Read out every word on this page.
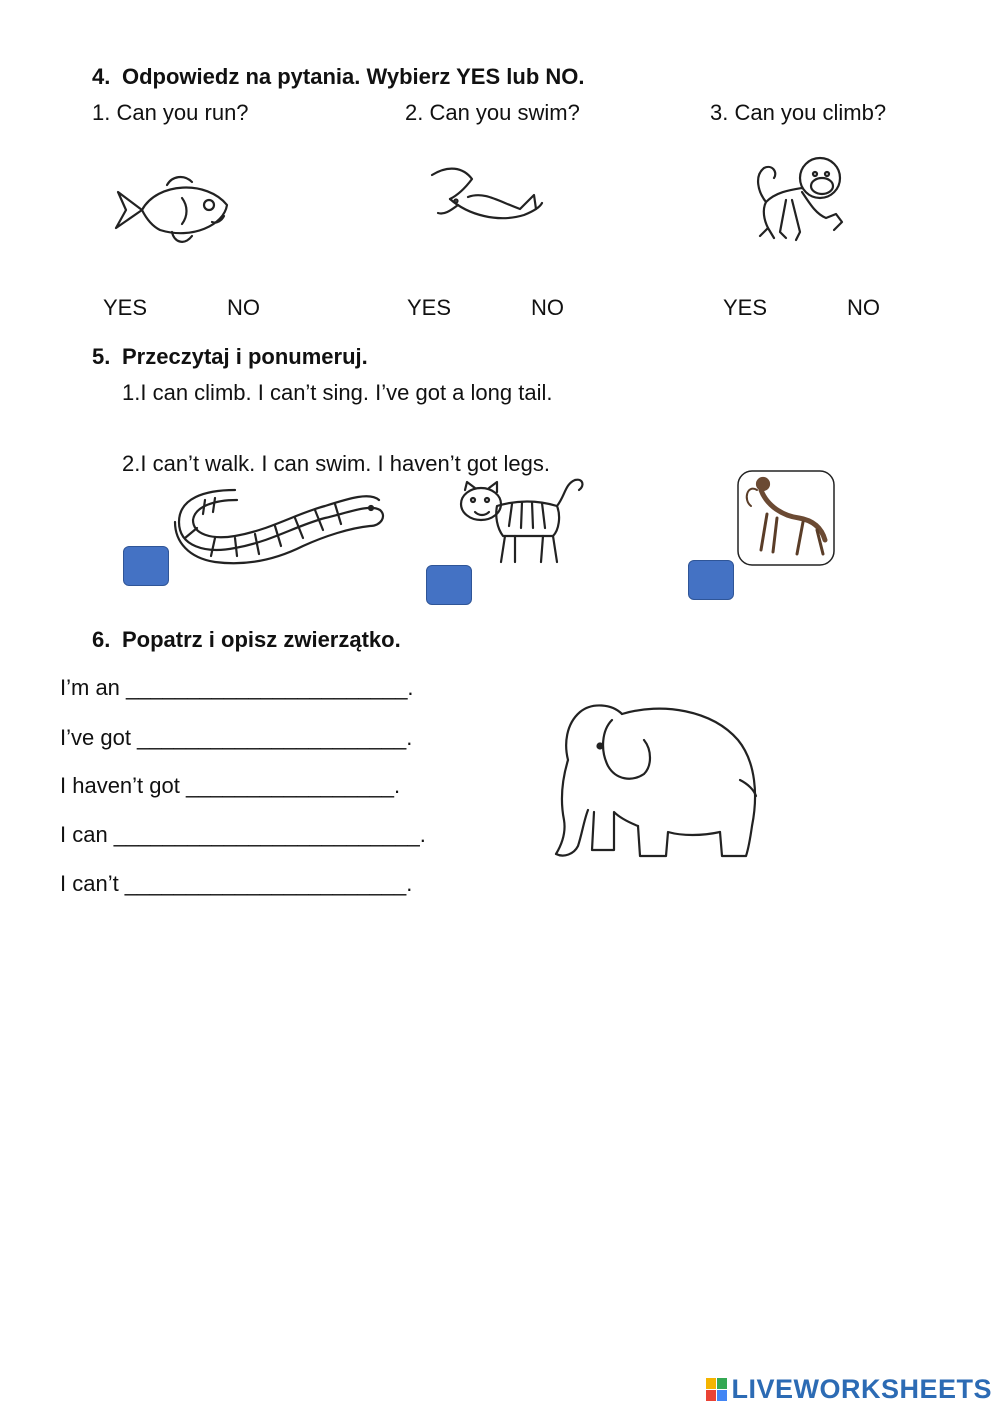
4. Odpowiedz na pytania. Wybierz YES lub NO.
1. Can you run?	2. Can you swim?	3. Can you climb?
YES	NO	YES	NO	YES	NO
5. Przeczytaj i ponumeruj.
1.I can climb. I can’t sing. I’ve got a long tail.
2.I can’t walk. I can swim. I haven’t got legs.
6. Popatrz i opisz zwierzątko.
I’m an _______________________.
I’ve got ______________________.
I haven’t got _________________.
I can _________________________.
I can’t _______________________.
LIVEWORKSHEETS
